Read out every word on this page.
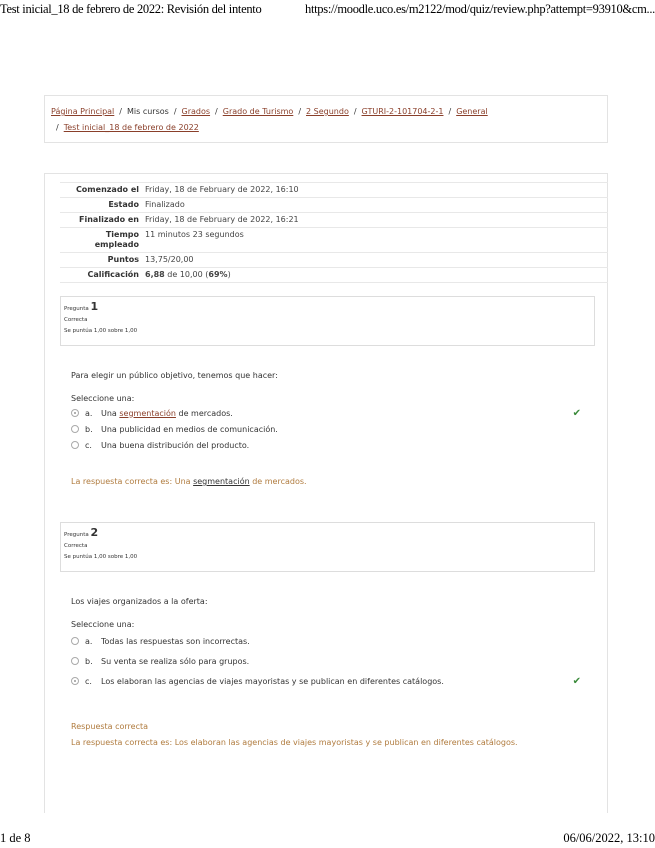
Test inicial_18 de febrero de 2022: Revisión del intento	https://moodle.uco.es/m2122/mod/quiz/review.php?attempt=93910&cm...
Página Principal / Mis cursos / Grados / Grado de Turismo / 2 Segundo / GTURI-2-101704-2-1 / General
/ Test inicial_18 de febrero de 2022
Comenzado el Friday, 18 de February de 2022, 16:10
Estado Finalizado
Finalizado en Friday, 18 de February de 2022, 16:21
Tiempo empleado
11 minutos 23 segundos
Puntos 13,75/20,00
Calificación 6,88 de 10,00 (69%)
Pregunta 1
Correcta
Se puntúa 1,00 sobre 1,00
Para elegir un público objetivo, tenemos que hacer:
Seleccione una:
a.	Una segmentación de mercados.	✔
b.	Una publicidad en medios de comunicación.
c.	Una buena distribución del producto.
La respuesta correcta es: Una segmentación de mercados.
Pregunta 2
Correcta
Se puntúa 1,00 sobre 1,00
Los viajes organizados a la oferta:
Seleccione una:
a.	Todas las respuestas son incorrectas.
b.	Su venta se realiza sólo para grupos.
c.	Los elaboran las agencias de viajes mayoristas y se publican en diferentes catálogos.	✔
Respuesta correcta
La respuesta correcta es: Los elaboran las agencias de viajes mayoristas y se publican en diferentes catálogos.
1 de 8	06/06/2022, 13:10
